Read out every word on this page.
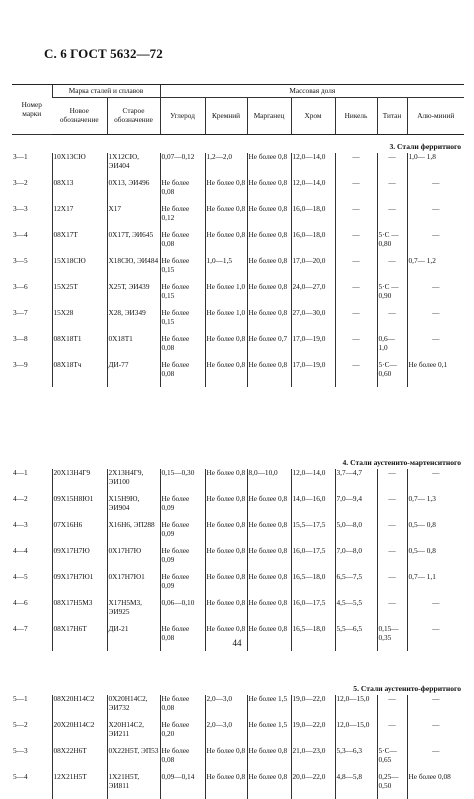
С. 6 ГОСТ 5632—72
Номер марки	Марка сталей и сплавов		Массовая доля						
	Новое обозначение	Старое обозначение	Углерод	Кремний	Марганец	Хром	Никель	Титан	Алю-миний
3. Стали ферритного									
3—1	10Х13СЮ	1Х12СЮ, ЭИ404	0,07—0,12	1,2—2,0	Не более 0,8	12,0—14,0	—	—	1,0— 1,8
3—2	08Х13	0Х13, ЭИ496	Не более 0,08	Не более 0,8	Не более 0,8	12,0—14,0	—	—	—
3—3	12Х17	Х17	Не более 0,12	Не более 0,8	Не более 0,8	16,0—18,0	—	—	—
3—4	08Х17Т	0Х17Т, ЭИ645	Не более 0,08	Не более 0,8	Не более 0,8	16,0—18,0	—	5·С —0,80	—
3—5	15Х18СЮ	Х18СЮ, ЭИ484	Не более 0,15	1,0—1,5	Не более 0,8	17,0—20,0	—	—	0,7— 1,2
3—6	15Х25Т	Х25Т, ЭИ439	Не более 0,15	Не более 1,0	Не более 0,8	24,0—27,0	—	5·С —0,90	—
3—7	15Х28	Х28, ЭИ349	Не более 0,15	Не более 1,0	Не более 0,8	27,0—30,0	—	—	—
3—8	08Х18Т1	0Х18Т1	Не более 0,08	Не более 0,8	Не более 0,7	17,0—19,0	—	0,6— 1,0	—
3—9	08Х18Тч	ДИ-77	Не более 0,08	Не более 0,8	Не более 0,8	17,0—19,0	—	5·С— 0,60	Не более 0,1

4. Стали аустенито-мартенситного									
4—1	20Х13Н4Г9	2Х13Н4Г9, ЭИ100	0,15—0,30	Не более 0,8	8,0—10,0	12,0—14,0	3,7—4,7	—	—
4—2	09Х15Н8Ю1	Х15Н9Ю, ЭИ904	Не более 0,09	Не более 0,8	Не более 0,8	14,0—16,0	7,0—9,4	—	0,7— 1,3
4—3	07Х16Н6	Х16Н6, ЭП288	Не более 0,09	Не более 0,8	Не более 0,8	15,5—17,5	5,0—8,0	—	0,5— 0,8
4—4	09Х17Н7Ю	0Х17Н7Ю	Не более 0,09	Не более 0,8	Не более 0,8	16,0—17,5	7,0—8,0	—	0,5— 0,8
4—5	09Х17Н7Ю1	0Х17Н7Ю1	Не более 0,09	Не более 0,8	Не более 0,8	16,5—18,0	6,5—7,5	—	0,7— 1,1
4—6	08Х17Н5М3	Х17Н5М3, ЭИ925	0,06—0,10	Не более 0,8	Не более 0,8	16,0—17,5	4,5—5,5	—	—
4—7	08Х17Н6Т	ДИ-21	Не более 0,08	Не более 0,8	Не более 0,8	16,5—18,0	5,5—6,5	0,15— 0,35	—

5. Стали аустенито-ферритного									
5—1	08Х20Н14С2	0Х20Н14С2, ЭИ732	Не более 0,08	2,0—3,0	Не более 1,5	19,0—22,0	12,0—15,0	—	—
5—2	20Х20Н14С2	Х20Н14С2, ЭИ211	Не более 0,20	2,0—3,0	Не более 1,5	19,0—22,0	12,0—15,0	—	—
5—3	08Х22Н6Т	0Х22Н5Т, ЭП53	Не более 0,08	Не более 0,8	Не более 0,8	21,0—23,0	5,3—6,3	5·С— 0,65	—
5—4	12Х21Н5Т	1Х21Н5Т, ЭИ811	0,09—0,14	Не более 0,8	Не более 0,8	20,0—22,0	4,8—5,8	0,25— 0,50	Не более 0,08
44
